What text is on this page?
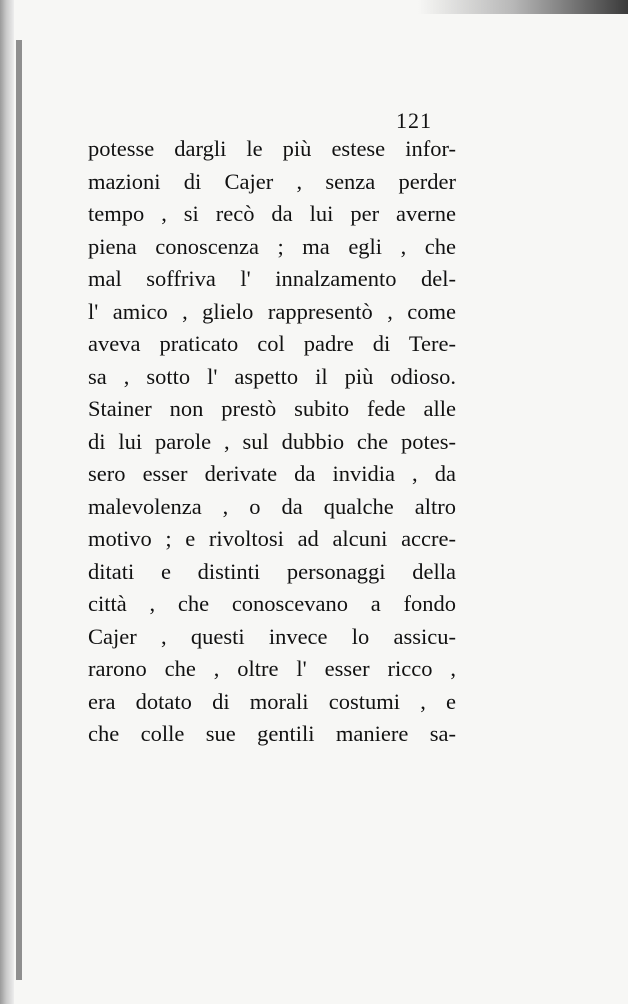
121
potesse dargli le più estese infor-
mazioni di Cajer , senza perder
tempo , si recò da lui per averne
piena conoscenza ; ma egli , che
mal soffriva l' innalzamento del-
l' amico , glielo rappresentò , come
aveva praticato col padre di Tere-
sa , sotto l' aspetto il più odioso.
Stainer non prestò subito fede alle
di lui parole , sul dubbio che potes-
sero esser derivate da invidia , da
malevolenza , o da qualche altro
motivo ; e rivoltosi ad alcuni accre-
ditati e distinti personaggi della
città , che conoscevano a fondo
Cajer , questi invece lo assicu-
rarono che , oltre l' esser ricco ,
era dotato di morali costumi , e
che colle sue gentili maniere sa-
